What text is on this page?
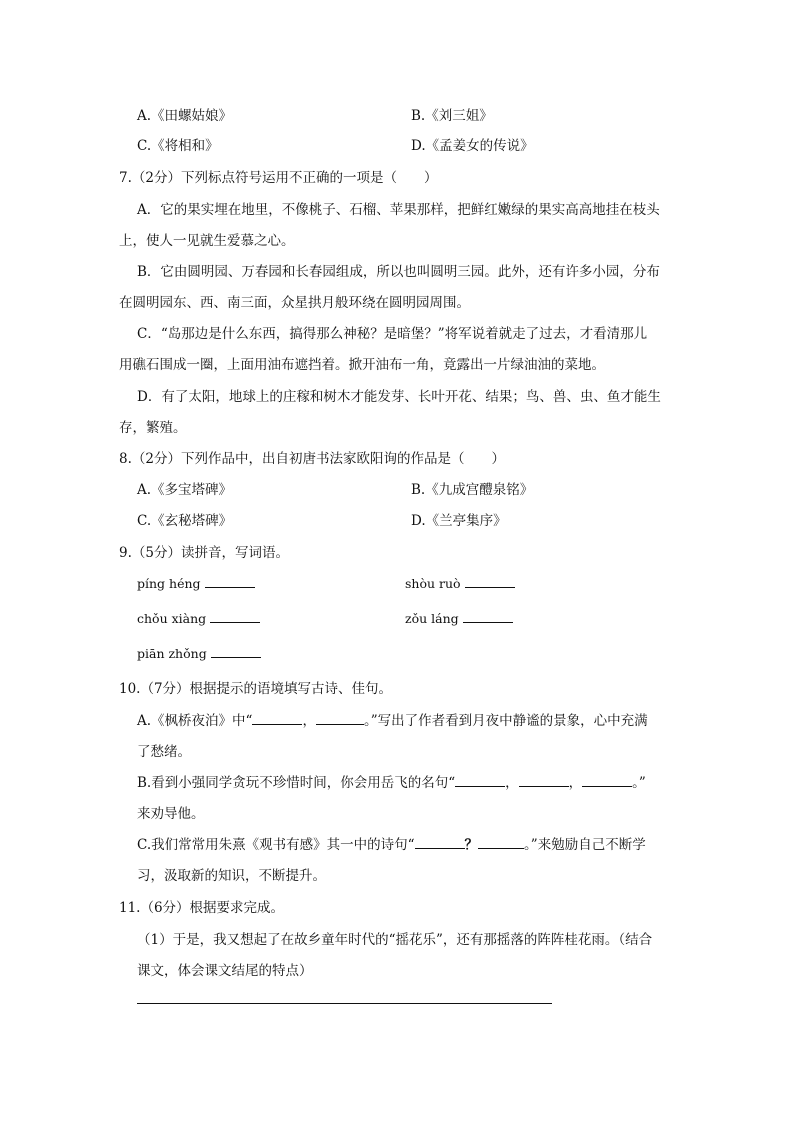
A.《田螺姑娘》	B.《刘三姐》
C.《将相和》	D.《孟姜女的传说》
7.（2分）下列标点符号运用不正确的一项是（　　）
A．它的果实埋在地里，不像桃子、石榴、苹果那样，把鲜红嫩绿的果实高高地挂在枝头
上，使人一见就生爱慕之心。
B．它由圆明园、万春园和长春园组成，所以也叫圆明三园。此外，还有许多小园，分布
在圆明园东、西、南三面，众星拱月般环绕在圆明园周围。
C．“岛那边是什么东西，搞得那么神秘？是暗堡？”将军说着就走了过去，才看清那儿
用礁石围成一圈，上面用油布遮挡着。掀开油布一角，竟露出一片绿油油的菜地。
D．有了太阳，地球上的庄稼和树木才能发芽、长叶开花、结果；鸟、兽、虫、鱼才能生
存，繁殖。
8.（2分）下列作品中，出自初唐书法家欧阳询的作品是（　　）
A.《多宝塔碑》	B.《九成宫醴泉铭》
C.《玄秘塔碑》	D.《兰亭集序》
9.（5分）读拼音，写词语。
píng héng	shòu ruò
chǒu xiàng	zǒu láng
piān zhǒng
10.（7分）根据提示的语境填写古诗、佳句。
A.《枫桥夜泊》中“	，	。”写出了作者看到月夜中静谧的景象，心中充满
了愁绪。
B.看到小强同学贪玩不珍惜时间，你会用岳飞的名句“	，	，	。”
来劝导他。
C.我们常常用朱熹《观书有感》其一中的诗句“	？	。”来勉励自己不断学
习，汲取新的知识，不断提升。
11.（6分）根据要求完成。
（1）于是，我又想起了在故乡童年时代的“摇花乐”，还有那摇落的阵阵桂花雨。（结合
课文，体会课文结尾的特点）
